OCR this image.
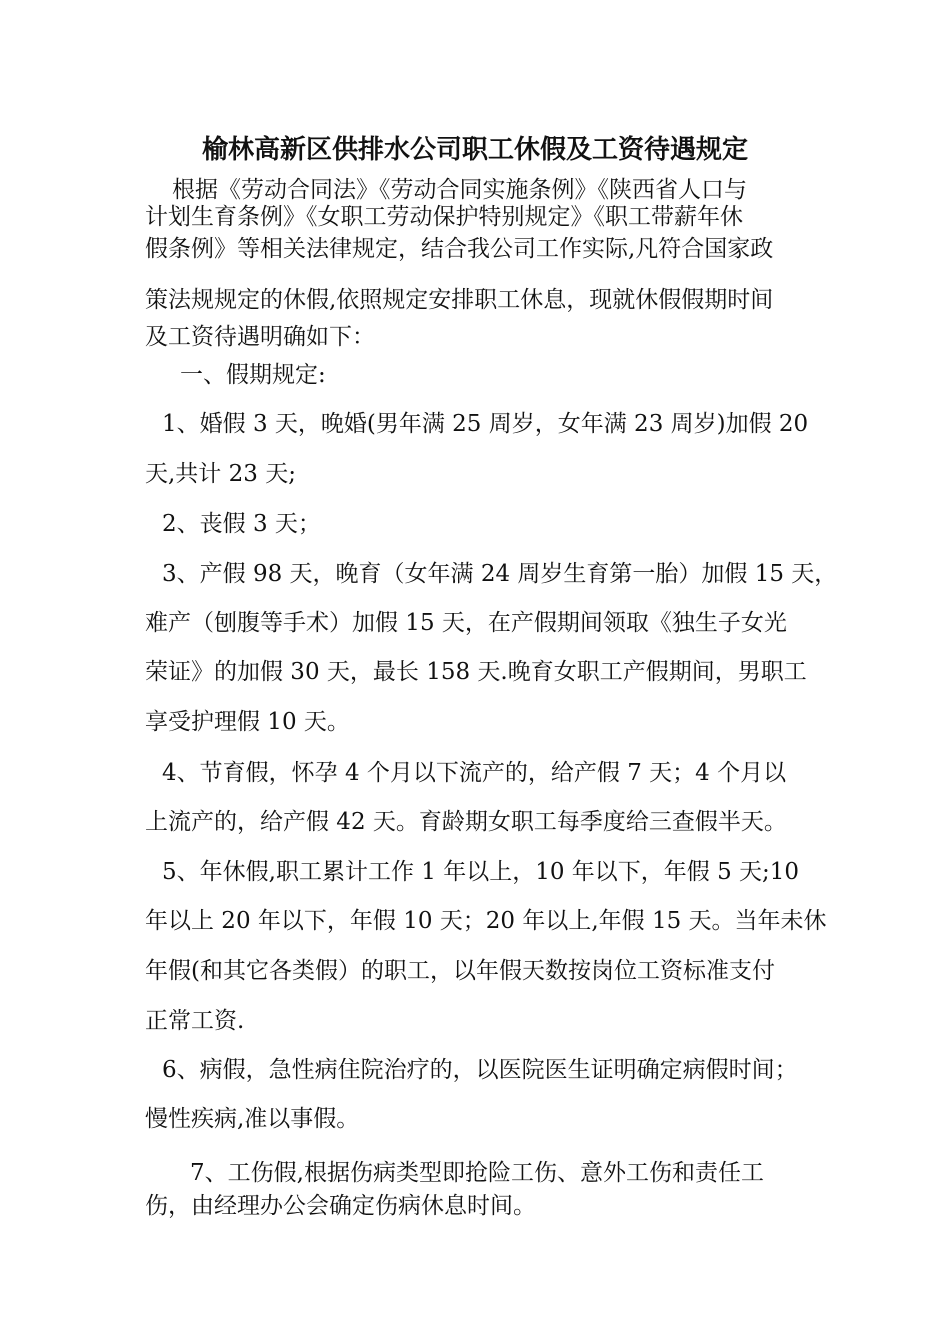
榆林高新区供排水公司职工休假及工资待遇规定

根据《劳动合同法》《劳动合同实施条例》《陕西省人口与

计划生育条例》《女职工劳动保护特别规定》《职工带薪年休

假条例》等相关法律规定，结合我公司工作实际,凡符合国家政

策法规规定的休假,依照规定安排职工休息，现就休假假期时间

及工资待遇明确如下：

一、假期规定:

1、婚假 3 天，晚婚(男年满 25 周岁，女年满 23 周岁)加假 20

天,共计 23 天;

2、丧假 3 天；

3、产假 98 天，晚育（女年满 24 周岁生育第一胎）加假 15 天，

难产（刨腹等手术）加假 15 天，在产假期间领取《独生子女光

荣证》的加假 30 天，最长 158 天.晚育女职工产假期间，男职工

享受护理假 10 天。

4、节育假，怀孕 4 个月以下流产的，给产假 7 天；4 个月以

上流产的，给产假 42 天。育龄期女职工每季度给三查假半天。

5、年休假,职工累计工作 1 年以上，10 年以下，年假 5 天;10

年以上 20 年以下，年假 10 天；20 年以上,年假 15 天。当年未休

年假(和其它各类假）的职工，以年假天数按岗位工资标准支付

正常工资.

6、病假，急性病住院治疗的，以医院医生证明确定病假时间；

慢性疾病,准以事假。

7、工伤假,根据伤病类型即抢险工伤、意外工伤和责任工

伤，由经理办公会确定伤病休息时间。
